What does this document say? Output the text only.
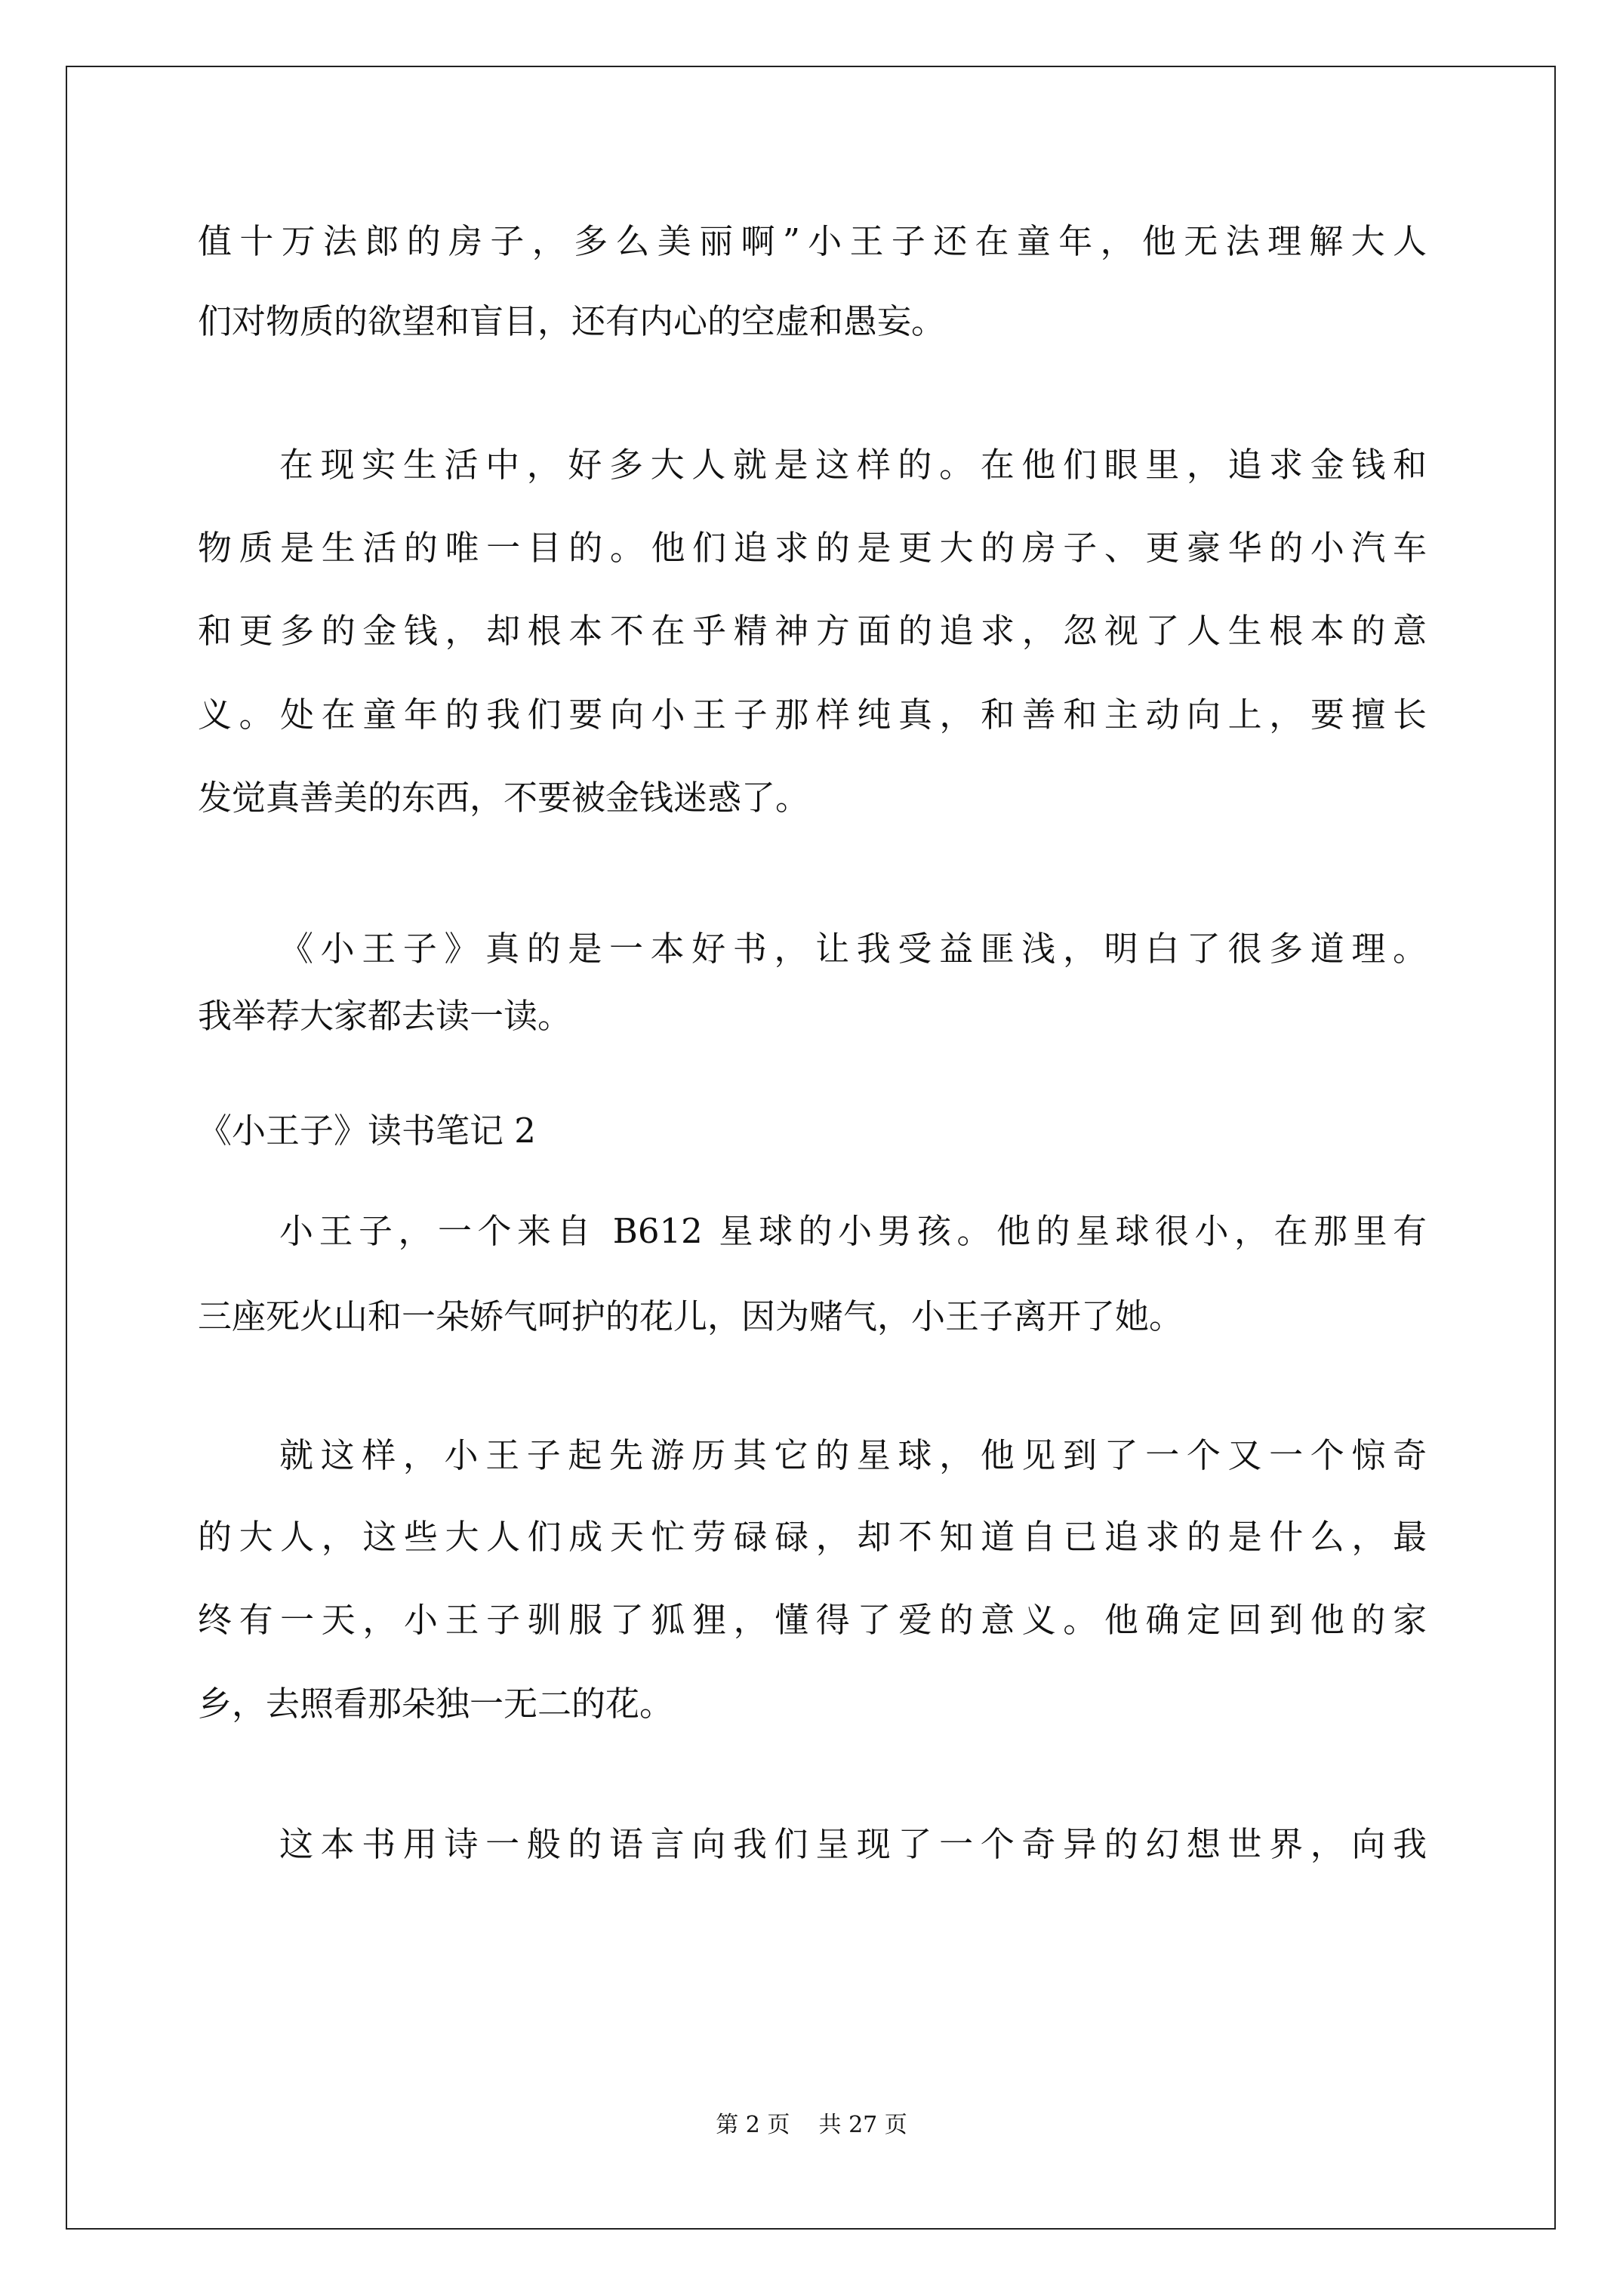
值十万法郎的房子，多么美丽啊”小王子还在童年，他无法理解大人
们对物质的欲望和盲目，还有内心的空虚和愚妄。
在现实生活中，好多大人就是这样的。在他们眼里，追求金钱和
物质是生活的唯一目的。他们追求的是更大的房子、更豪华的小汽车
和更多的金钱，却根本不在乎精神方面的追求，忽视了人生根本的意
义。处在童年的我们要向小王子那样纯真，和善和主动向上，要擅长
发觉真善美的东西，不要被金钱迷惑了。
《小王子》真的是一本好书，让我受益匪浅，明白了很多道理。
我举荐大家都去读一读。
《小王子》读书笔记 2
小王子，一个来自 B612 星球的小男孩。他的星球很小，在那里有
三座死火山和一朵娇气呵护的花儿，因为赌气，小王子离开了她。
就这样，小王子起先游历其它的星球，他见到了一个又一个惊奇
的大人，这些大人们成天忙劳碌碌，却不知道自已追求的是什么，最
终有一天，小王子驯服了狐狸，懂得了爱的意义。他确定回到他的家
乡，去照看那朵独一无二的花。
这本书用诗一般的语言向我们呈现了一个奇异的幻想世界，向我
第 2 页 共 27 页
